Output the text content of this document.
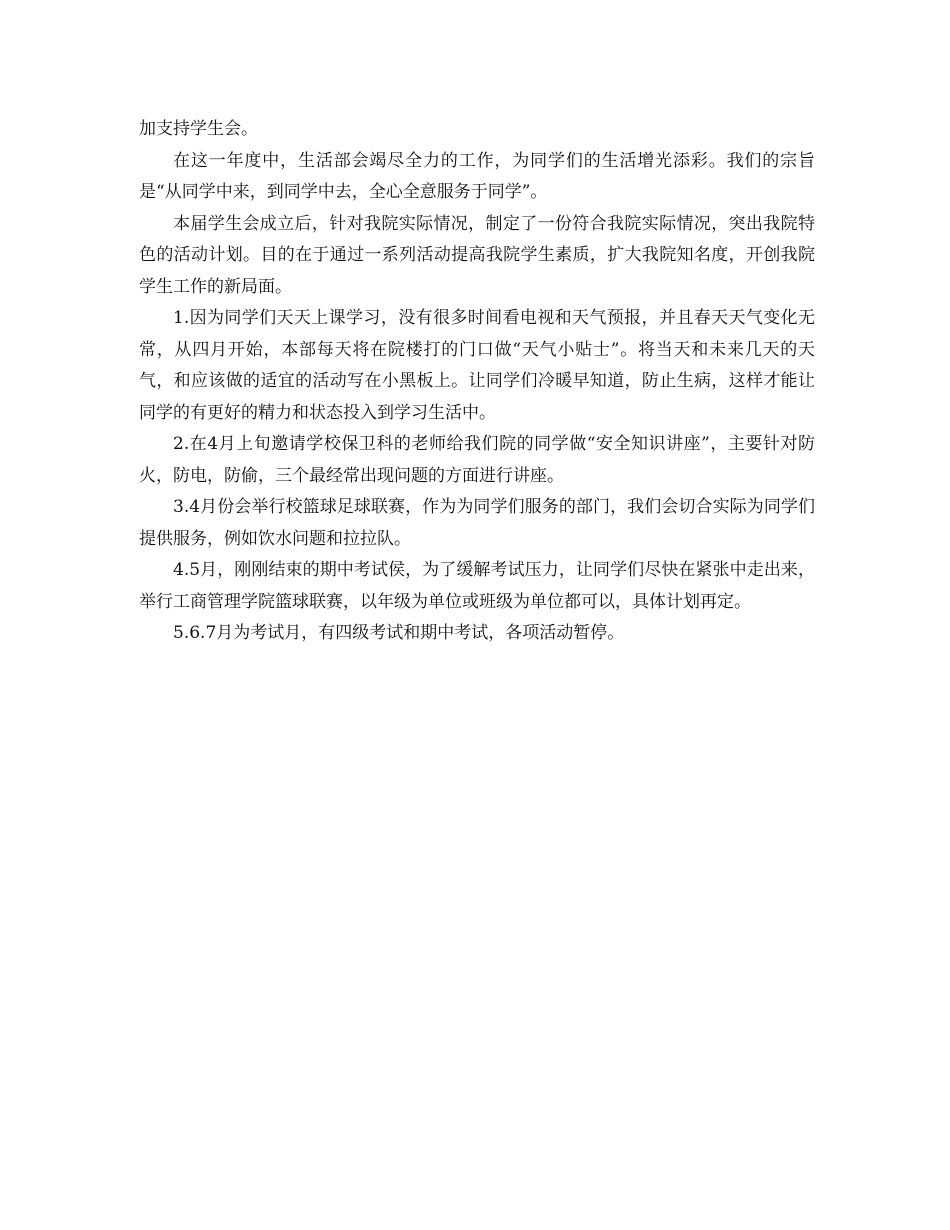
加支持学生会。

在这一年度中，生活部会竭尽全力的工作，为同学们的生活增光添彩。我们的宗旨是“从同学中来，到同学中去，全心全意服务于同学”。

本届学生会成立后，针对我院实际情况，制定了一份符合我院实际情况，突出我院特色的活动计划。目的在于通过一系列活动提高我院学生素质，扩大我院知名度，开创我院学生工作的新局面。

1.因为同学们天天上课学习，没有很多时间看电视和天气预报，并且春天天气变化无常，从四月开始，本部每天将在院楼打的门口做“天气小贴士”。将当天和未来几天的天气，和应该做的适宜的活动写在小黑板上。让同学们冷暖早知道，防止生病，这样才能让同学的有更好的精力和状态投入到学习生活中。

2.在4月上旬邀请学校保卫科的老师给我们院的同学做“安全知识讲座”，主要针对防火，防电，防偷，三个最经常出现问题的方面进行讲座。

3.4月份会举行校篮球足球联赛，作为为同学们服务的部门，我们会切合实际为同学们提供服务，例如饮水问题和拉拉队。

4.5月，刚刚结束的期中考试侯，为了缓解考试压力，让同学们尽快在紧张中走出来，举行工商管理学院篮球联赛，以年级为单位或班级为单位都可以，具体计划再定。

5.6.7月为考试月，有四级考试和期中考试，各项活动暂停。
